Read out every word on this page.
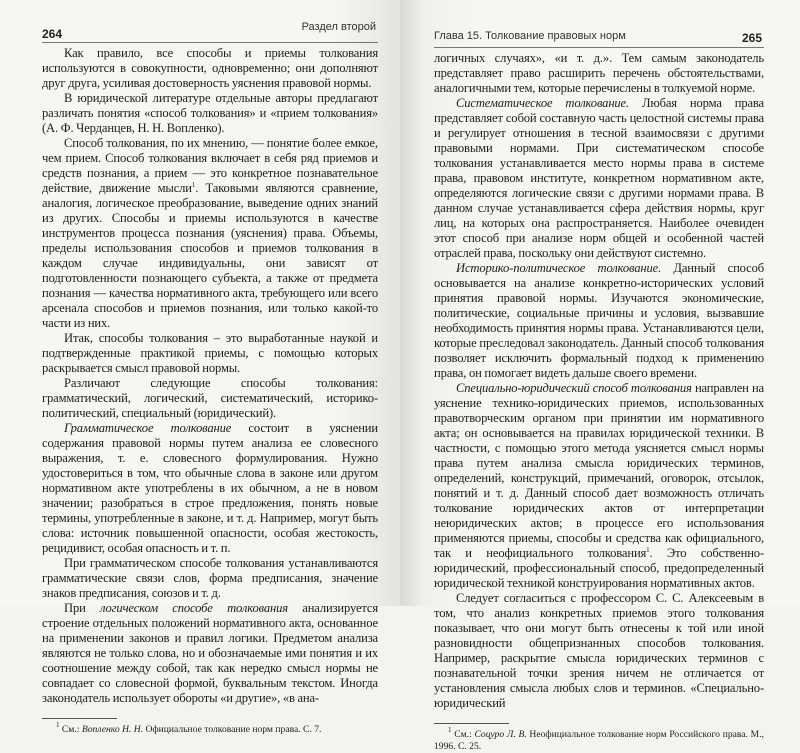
264	Раздел второй

Как правило, все способы и приемы толкования используются в совокупности, одновременно; они дополняют друг друга, усиливая достоверность уяснения правовой нормы.

В юридической литературе отдельные авторы предлагают различать понятия «способ толкования» и «прием толкования» (А. Ф. Черданцев, Н. Н. Вопленко).

Способ толкования, по их мнению, — понятие более емкое, чем прием. Способ толкования включает в себя ряд приемов и средств познания, а прием — это конкретное познавательное действие, движение мысли$^1$. Таковыми являются сравнение, аналогия, логическое преобразование, выведение одних знаний из других. Способы и приемы используются в качестве инструментов процесса познания (уяснения) права. Объемы, пределы использования способов и приемов толкования в каждом случае индивидуальны, они зависят от подготовленности познающего субъекта, а также от предмета познания — качества нормативного акта, требующего или всего арсенала способов и приемов познания, или только какой-то части из них.

Итак, способы толкования – это выработанные наукой и подтвержденные практикой приемы, с помощью которых раскрывается смысл правовой нормы.

Различают следующие способы толкования: грамматический, логический, систематический, историко-политический, специальный (юридический).

Грамматическое толкование состоит в уяснении содержания правовой нормы путем анализа ее словесного выражения, т. е. словесного формулирования. Нужно удостовериться в том, что обычные слова в законе или другом нормативном акте употреблены в их обычном, а не в новом значении; разобраться в строе предложения, понять новые термины, употребленные в законе, и т. д. Например, могут быть слова: источник повышенной опасности, особая жестокость, рецидивист, особая опасность и т. п.

При грамматическом способе толкования устанавливаются грамматические связи слов, форма предписания, значение знаков предписания, союзов и т. д.

При логическом способе толкования анализируется строение отдельных положений нормативного акта, основанное на применении законов и правил логики. Предметом анализа являются не только слова, но и обозначаемые ими понятия и их соотношение между собой, так как нередко смысл нормы не совпадает со словесной формой, буквальным текстом. Иногда законодатель использует обороты «и другие», «в ана-

$^1$ См.: Вопленко Н. Н. Официальное толкование норм права. С. 7.
Глава 15. Толкование правовых норм	265

логичных случаях», «и т. д.». Тем самым законодатель представляет право расширить перечень обстоятельствами, аналогичными тем, которые перечислены в толкуемой норме.

Систематическое толкование. Любая норма права представляет собой составную часть целостной системы права и регулирует отношения в тесной взаимосвязи с другими правовыми нормами. При систематическом способе толкования устанавливается место нормы права в системе права, правовом институте, конкретном нормативном акте, определяются логические связи с другими нормами права. В данном случае устанавливается сфера действия нормы, круг лиц, на которых она распространяется. Наиболее очевиден этот способ при анализе норм общей и особенной частей отраслей права, поскольку они действуют системно.

Историко-политическое толкование. Данный способ основывается на анализе конкретно-исторических условий принятия правовой нормы. Изучаются экономические, политические, социальные причины и условия, вызвавшие необходимость принятия нормы права. Устанавливаются цели, которые преследовал законодатель. Данный способ толкования позволяет исключить формальный подход к применению права, он помогает видеть дальше своего времени.

Специально-юридический способ толкования направлен на уяснение технико-юридических приемов, использованных правотворческим органом при принятии им нормативного акта; он основывается на правилах юридической техники. В частности, с помощью этого метода уясняется смысл нормы права путем анализа смысла юридических терминов, определений, конструкций, примечаний, оговорок, отсылок, понятий и т. д. Данный способ дает возможность отличать толкование юридических актов от интерпретации неюридических актов; в процессе его использования применяются приемы, способы и средства как официального, так и неофициального толкования$^1$. Это собственно-юридический, профессиональный способ, предопределенный юридической техникой конструирования нормативных актов.

Следует согласиться с профессором С. С. Алексеевым в том, что анализ конкретных приемов этого толкования показывает, что они могут быть отнесены к той или иной разновидности общепризнанных способов толкования. Например, раскрытие смысла юридических терминов с познавательной точки зрения ничем не отличается от установления смысла любых слов и терминов. «Специально-юридический

$^1$ См.: Соцуро Л. В. Неофициальное толкование норм Российского права. М., 1996. С. 25.
